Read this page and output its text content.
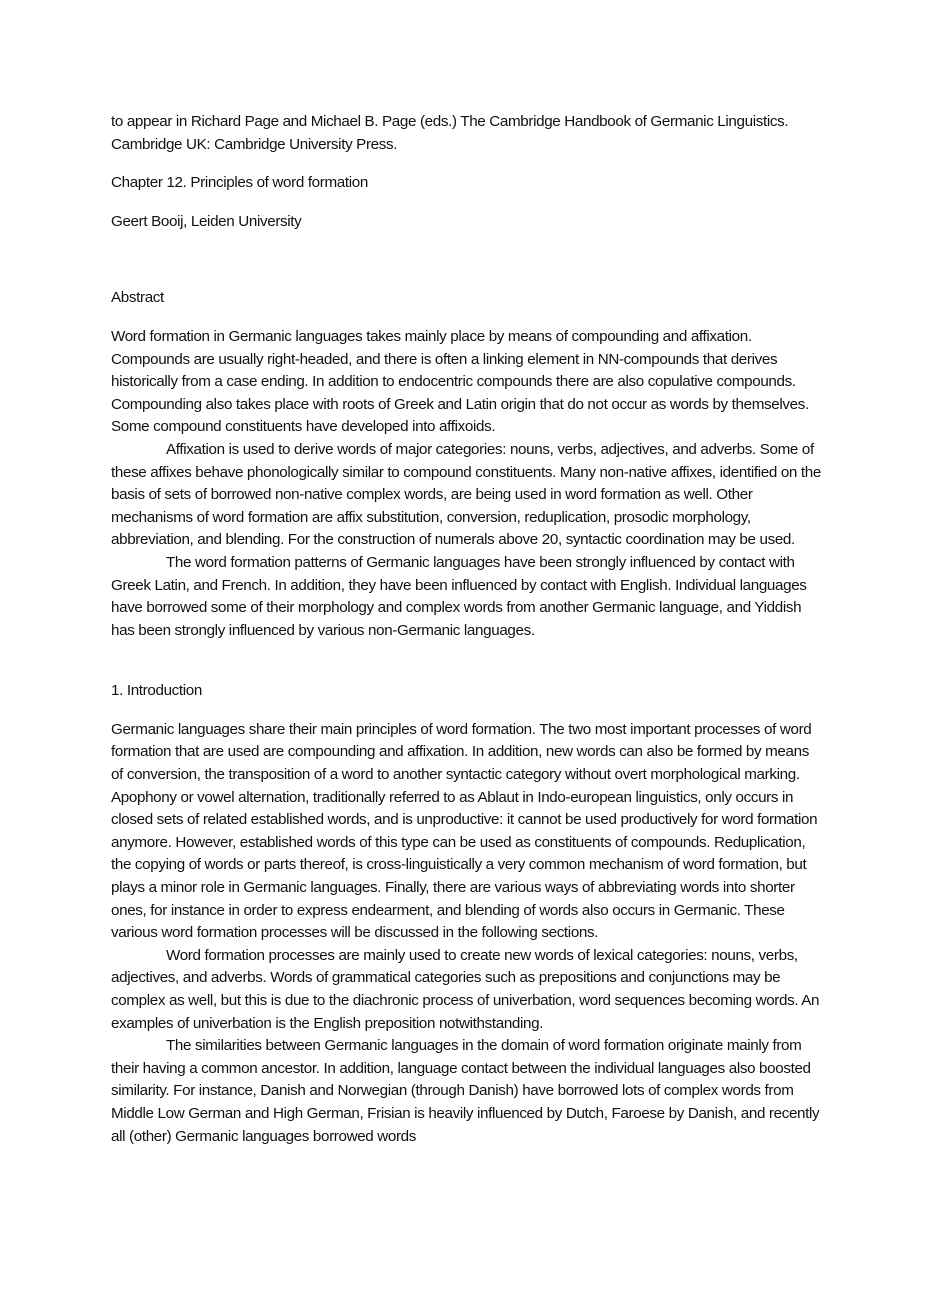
to appear in Richard Page and Michael B. Page (eds.) The Cambridge Handbook of Germanic Linguistics. Cambridge UK: Cambridge University Press.

Chapter 12. Principles of word formation

Geert Booij, Leiden University

Abstract

Word formation in Germanic languages takes mainly place by means of compounding and affixation. Compounds are usually right-headed, and there is often a linking element in NN-compounds that derives historically from a case ending. In addition to endocentric compounds there are also copulative compounds. Compounding also takes place with roots of Greek and Latin origin that do not occur as words by themselves. Some compound constituents have developed into affixoids.

Affixation is used to derive words of major categories: nouns, verbs, adjectives, and adverbs. Some of these affixes behave phonologically similar to compound constituents. Many non-native affixes, identified on the basis of sets of borrowed non-native complex words, are being used in word formation as well. Other mechanisms of word formation are affix substitution, conversion, reduplication, prosodic morphology, abbreviation, and blending. For the construction of numerals above 20, syntactic coordination may be used.

The word formation patterns of Germanic languages have been strongly influenced by contact with Greek Latin, and French. In addition, they have been influenced by contact with English. Individual languages have borrowed some of their morphology and complex words from another Germanic language, and Yiddish has been strongly influenced by various non-Germanic languages.

1. Introduction

Germanic languages share their main principles of word formation. The two most important processes of word formation that are used are compounding and affixation. In addition, new words can also be formed by means of conversion, the transposition of a word to another syntactic category without overt morphological marking. Apophony or vowel alternation, traditionally referred to as Ablaut in Indo-european linguistics, only occurs in closed sets of related established words, and is unproductive: it cannot be used productively for word formation anymore. However, established words of this type can be used as constituents of compounds. Reduplication, the copying of words or parts thereof, is cross-linguistically a very common mechanism of word formation, but plays a minor role in Germanic languages. Finally, there are various ways of abbreviating words into shorter ones, for instance in order to express endearment, and blending of words also occurs in Germanic. These various word formation processes will be discussed in the following sections.

Word formation processes are mainly used to create new words of lexical categories: nouns, verbs, adjectives, and adverbs. Words of grammatical categories such as prepositions and conjunctions may be complex as well, but this is due to the diachronic process of univerbation, word sequences becoming words. An examples of univerbation is the English preposition notwithstanding.

The similarities between Germanic languages in the domain of word formation originate mainly from their having a common ancestor. In addition, language contact between the individual languages also boosted similarity. For instance, Danish and Norwegian (through Danish) have borrowed lots of complex words from Middle Low German and High German, Frisian is heavily influenced by Dutch, Faroese by Danish, and recently all (other) Germanic languages borrowed words
